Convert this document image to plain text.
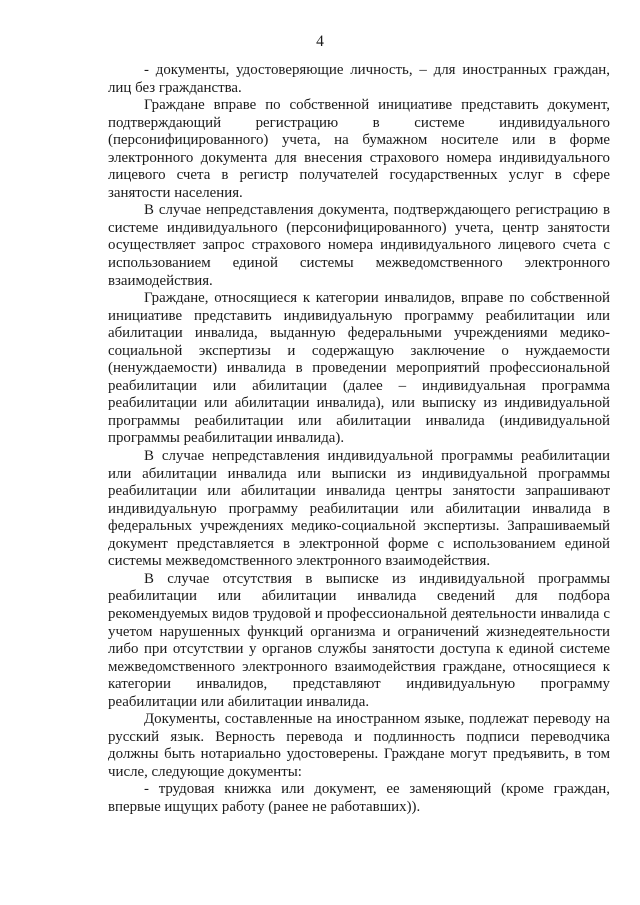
4

- документы, удостоверяющие личность, – для иностранных граждан, лиц без гражданства.

Граждане вправе по собственной инициативе представить документ, подтверждающий регистрацию в системе индивидуального (персонифицированного) учета, на бумажном носителе или в форме электронного документа для внесения страхового номера индивидуального лицевого счета в регистр получателей государственных услуг в сфере занятости населения.

В случае непредставления документа, подтверждающего регистрацию в системе индивидуального (персонифицированного) учета, центр занятости осуществляет запрос страхового номера индивидуального лицевого счета с использованием единой системы межведомственного электронного взаимодействия.

Граждане, относящиеся к категории инвалидов, вправе по собственной инициативе представить индивидуальную программу реабилитации или абилитации инвалида, выданную федеральными учреждениями медико-социальной экспертизы и содержащую заключение о нуждаемости (ненуждаемости) инвалида в проведении мероприятий профессиональной реабилитации или абилитации (далее – индивидуальная программа реабилитации или абилитации инвалида), или выписку из индивидуальной программы реабилитации или абилитации инвалида (индивидуальной программы реабилитации инвалида).

В случае непредставления индивидуальной программы реабилитации или абилитации инвалида или выписки из индивидуальной программы реабилитации или абилитации инвалида центры занятости запрашивают индивидуальную программу реабилитации или абилитации инвалида в федеральных учреждениях медико-социальной экспертизы. Запрашиваемый документ представляется в электронной форме с использованием единой системы межведомственного электронного взаимодействия.

В случае отсутствия в выписке из индивидуальной программы реабилитации или абилитации инвалида сведений для подбора рекомендуемых видов трудовой и профессиональной деятельности инвалида с учетом нарушенных функций организма и ограничений жизнедеятельности либо при отсутствии у органов службы занятости доступа к единой системе межведомственного электронного взаимодействия граждане, относящиеся к категории инвалидов, представляют индивидуальную программу реабилитации или абилитации инвалида.

Документы, составленные на иностранном языке, подлежат переводу на русский язык. Верность перевода и подлинность подписи переводчика должны быть нотариально удостоверены. Граждане могут предъявить, в том числе, следующие документы:

- трудовая книжка или документ, ее заменяющий (кроме граждан, впервые ищущих работу (ранее не работавших)).
